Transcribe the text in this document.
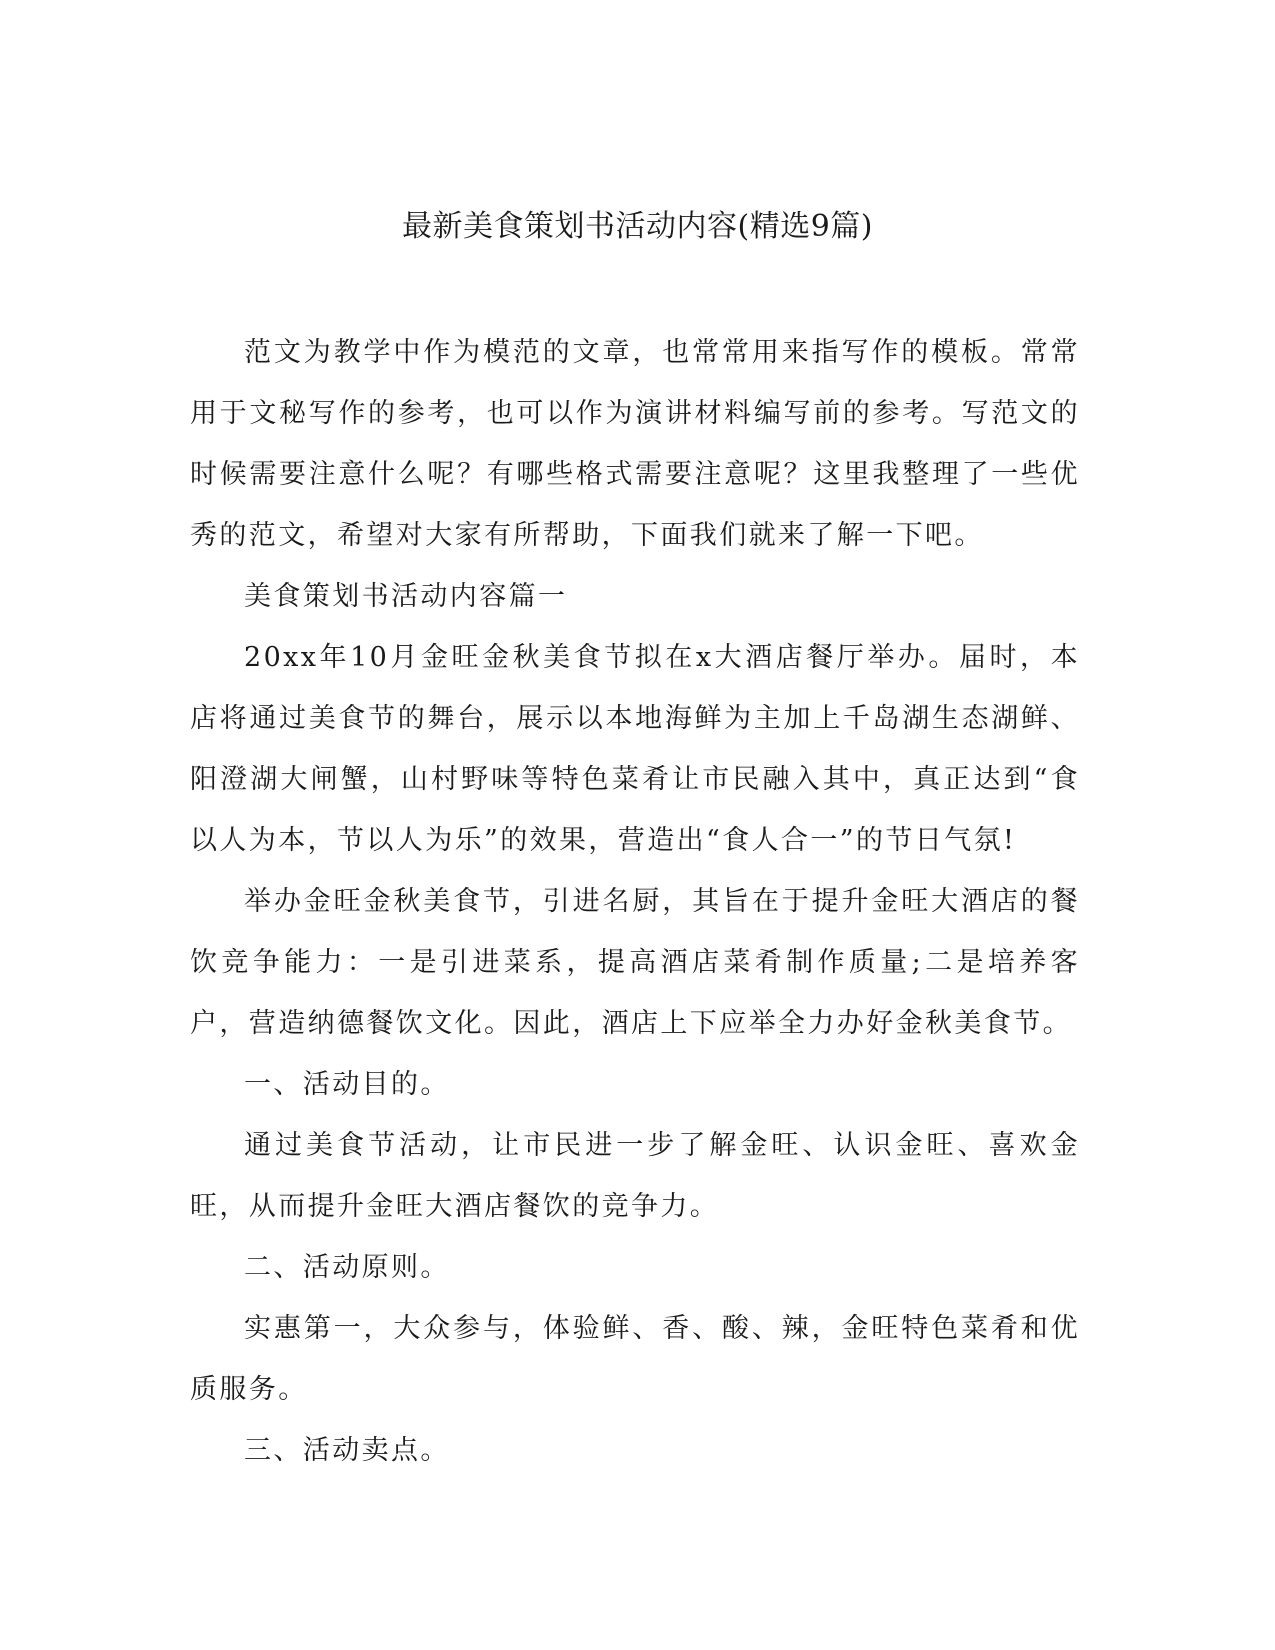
最新美食策划书活动内容(精选9篇)

范文为教学中作为模范的文章，也常常用来指写作的模板。常常用于文秘写作的参考，也可以作为演讲材料编写前的参考。写范文的时候需要注意什么呢？有哪些格式需要注意呢？这里我整理了一些优秀的范文，希望对大家有所帮助，下面我们就来了解一下吧。

美食策划书活动内容篇一

20xx年10月金旺金秋美食节拟在x大酒店餐厅举办。届时，本店将通过美食节的舞台，展示以本地海鲜为主加上千岛湖生态湖鲜、阳澄湖大闸蟹，山村野味等特色菜肴让市民融入其中，真正达到“食以人为本，节以人为乐”的效果，营造出“食人合一”的节日气氛!

举办金旺金秋美食节，引进名厨，其旨在于提升金旺大酒店的餐饮竞争能力：一是引进菜系，提高酒店菜肴制作质量;二是培养客户，营造纳德餐饮文化。因此，酒店上下应举全力办好金秋美食节。

一、活动目的。

通过美食节活动，让市民进一步了解金旺、认识金旺、喜欢金旺，从而提升金旺大酒店餐饮的竞争力。

二、活动原则。

实惠第一，大众参与，体验鲜、香、酸、辣，金旺特色菜肴和优质服务。

三、活动卖点。
